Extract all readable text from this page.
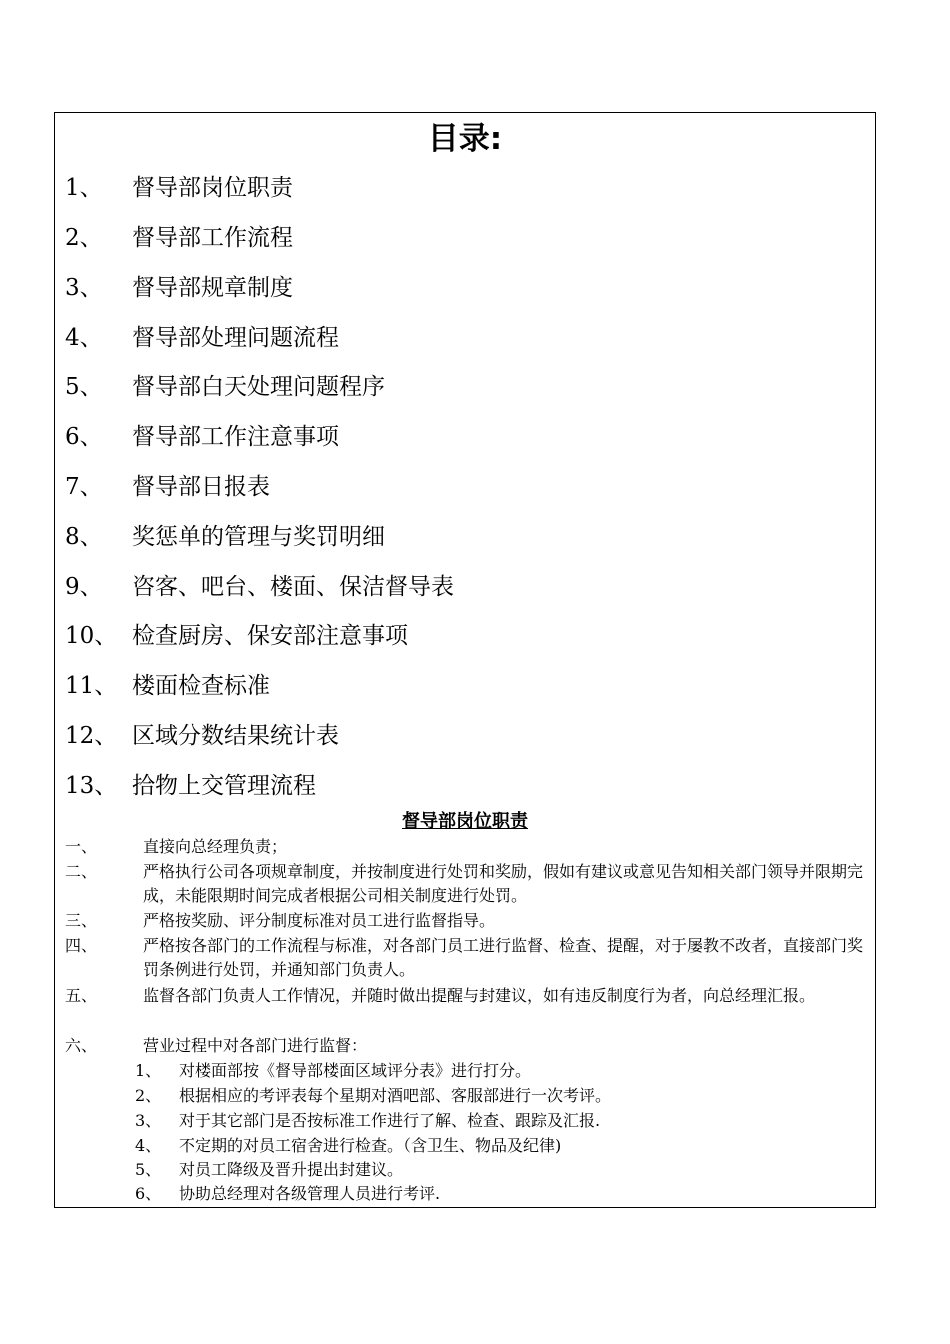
目录:
1、 督导部岗位职责
2、 督导部工作流程
3、 督导部规章制度
4、 督导部处理问题流程
5、 督导部白天处理问题程序
6、 督导部工作注意事项
7、 督导部日报表
8、 奖惩单的管理与奖罚明细
9、 咨客、吧台、楼面、保洁督导表
10、 检查厨房、保安部注意事项
11、 楼面检查标准
12、 区域分数结果统计表
13、 拾物上交管理流程
督导部岗位职责
一、	直接向总经理负责；
二、	严格执行公司各项规章制度，并按制度进行处罚和奖励，假如有建议或意见告知相关部门领导并限期完成，未能限期时间完成者根据公司相关制度进行处罚。
三、	严格按奖励、评分制度标准对员工进行监督指导。
四、	严格按各部门的工作流程与标准，对各部门员工进行监督、检查、提醒，对于屡教不改者，直接部门奖罚条例进行处罚，并通知部门负责人。
五、	监督各部门负责人工作情况，并随时做出提醒与封建议，如有违反制度行为者，向总经理汇报。
六、	营业过程中对各部门进行监督：
1、 对楼面部按《督导部楼面区域评分表》进行打分。
2、 根据相应的考评表每个星期对酒吧部、客服部进行一次考评。
3、 对于其它部门是否按标准工作进行了解、检查、跟踪及汇报.
4、 不定期的对员工宿舍进行检查。（含卫生、物品及纪律)
5、 对员工降级及晋升提出封建议。
6、 协助总经理对各级管理人员进行考评.
